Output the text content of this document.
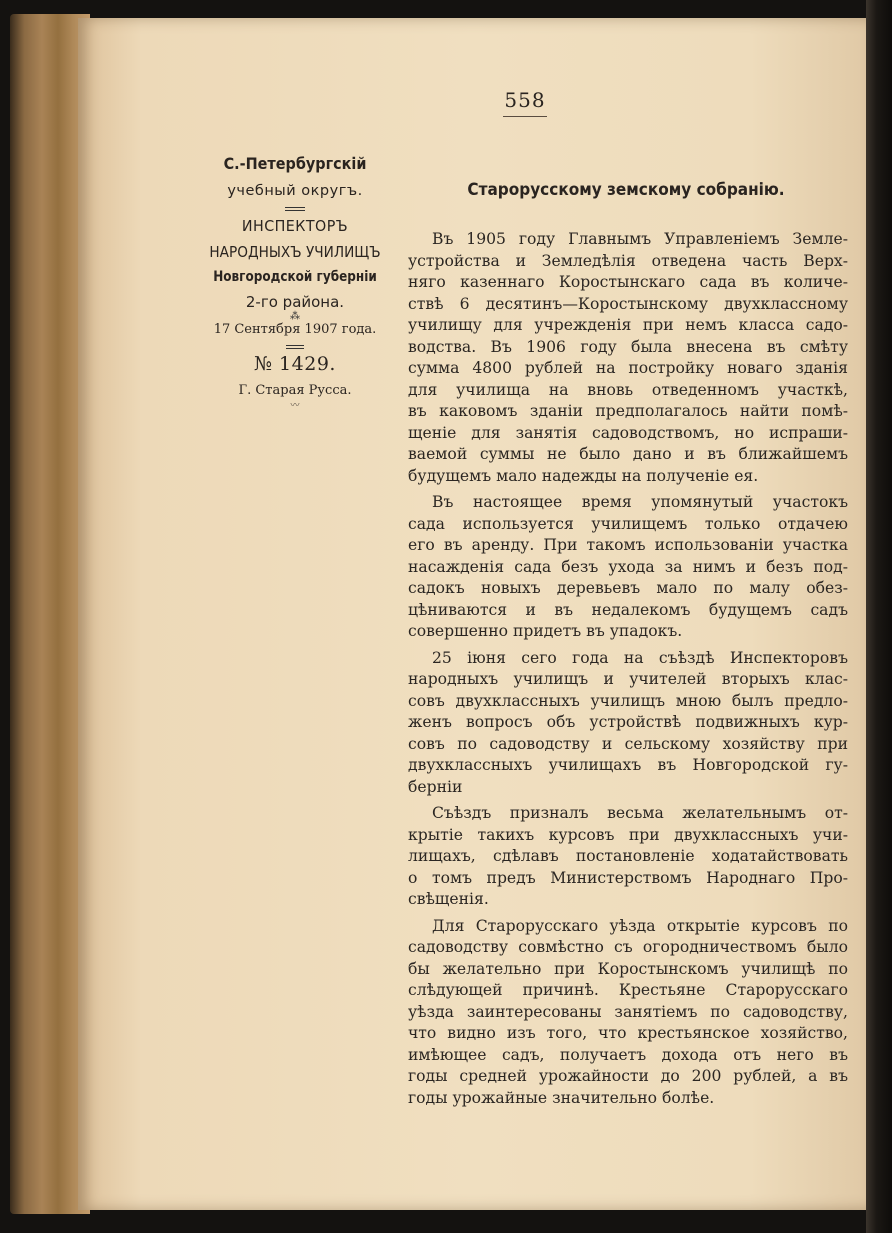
558
С.-Петербургскій
учебный округъ.
ИНСПЕКТОРЪ
НАРОДНЫХЪ УЧИЛИЩЪ
Новгородской губерніи
2-го района.
⁂
17 Сентября 1907 года.
№ 1429.
Г. Старая Русса.
〰
Старорусскому земскому собранію.
Въ 1905 году Главнымъ Управленіемъ Земле-
устройства и Земледѣлія отведена часть Верх-
няго казеннаго Коростынскаго сада въ количе-
ствѣ 6 десятинъ—Коростынскому двухклассному
училищу для учрежденія при немъ класса садо-
водства. Въ 1906 году была внесена въ смѣту
сумма 4800 рублей на постройку новаго зданія
для училища на вновь отведенномъ участкѣ,
въ каковомъ зданіи предполагалось найти помѣ-
щеніе для занятія садоводствомъ, но испраши-
ваемой суммы не было дано и въ ближайшемъ
будущемъ мало надежды на полученіе ея.
Въ настоящее время упомянутый участокъ
сада используется училищемъ только отдачею
его въ аренду. При такомъ использованіи участка
насажденія сада безъ ухода за нимъ и безъ под-
садокъ новыхъ деревьевъ мало по малу обез-
цѣниваются и въ недалекомъ будущемъ садъ
совершенно придетъ въ упадокъ.
25 іюня сего года на съѣздѣ Инспекторовъ
народныхъ училищъ и учителей вторыхъ клас-
совъ двухклассныхъ училищъ мною былъ предло-
женъ вопросъ объ устройствѣ подвижныхъ кур-
совъ по садоводству и сельскому хозяйству при
двухклассныхъ училищахъ въ Новгородской гу-
берніи
Съѣздъ призналъ весьма желательнымъ от-
крытіе такихъ курсовъ при двухклассныхъ учи-
лищахъ, сдѣлавъ постановленіе ходатайствовать
о томъ предъ Министерствомъ Народнаго Про-
свѣщенія.
Для Старорусскаго уѣзда открытіе курсовъ по
садоводству совмѣстно съ огородничествомъ было
бы желательно при Коростынскомъ училищѣ по
слѣдующей причинѣ. Крестьяне Старорусскаго
уѣзда заинтересованы занятіемъ по садоводству,
что видно изъ того, что крестьянское хозяйство,
имѣющее садъ, получаетъ дохода отъ него въ
годы средней урожайности до 200 рублей, а въ
годы урожайные значительно болѣе.
